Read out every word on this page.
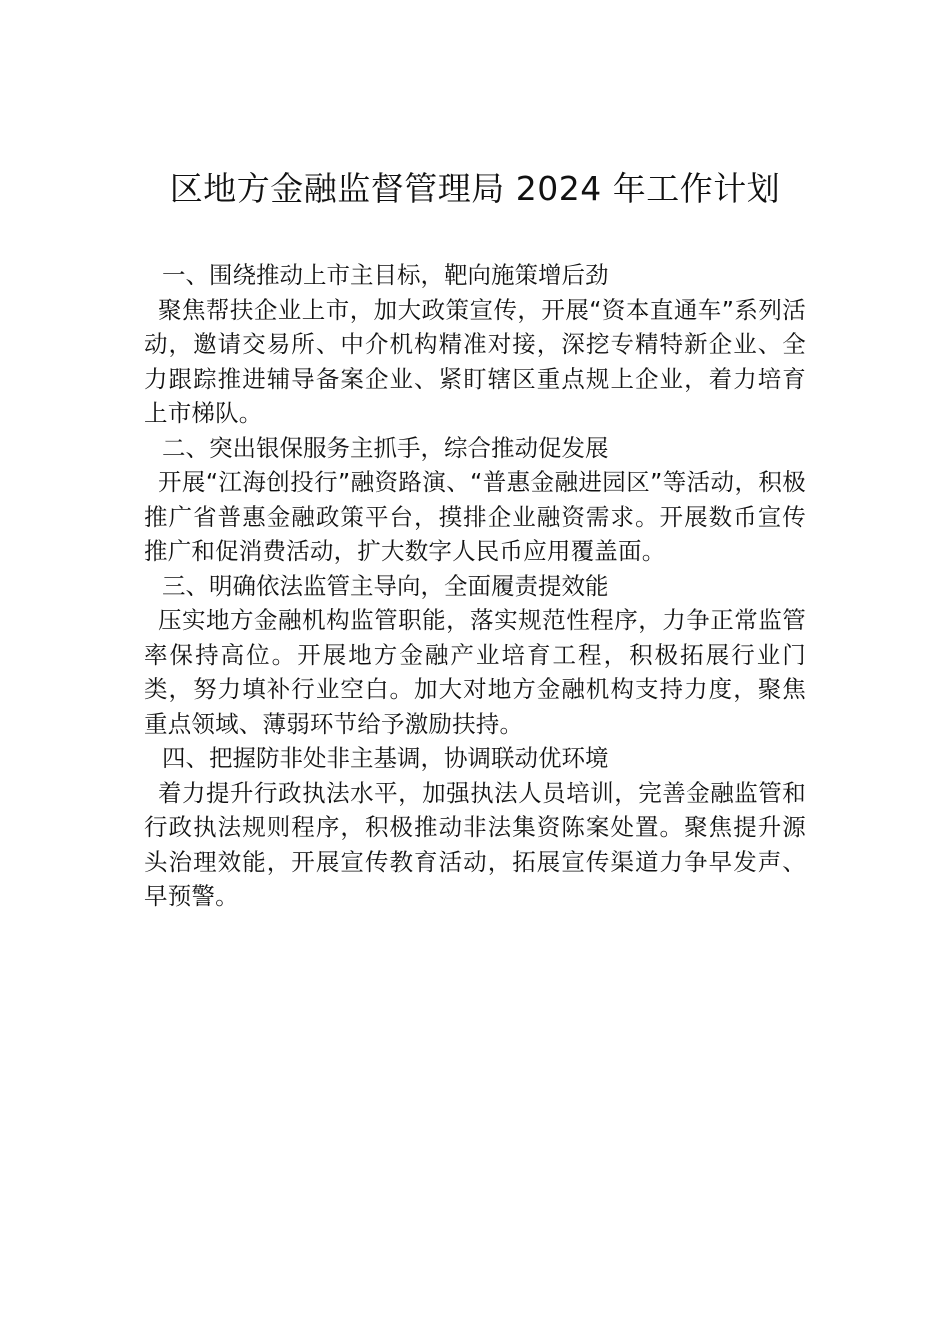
区地方金融监督管理局 2024 年工作计划

一、围绕推动上市主目标，靶向施策增后劲

聚焦帮扶企业上市，加大政策宣传，开展“资本直通车”系列活动，邀请交易所、中介机构精准对接，深挖专精特新企业、全力跟踪推进辅导备案企业、紧盯辖区重点规上企业，着力培育上市梯队。

二、突出银保服务主抓手，综合推动促发展

开展“江海创投行”融资路演、“普惠金融进园区”等活动，积极推广省普惠金融政策平台，摸排企业融资需求。开展数币宣传推广和促消费活动，扩大数字人民币应用覆盖面。

三、明确依法监管主导向，全面履责提效能

压实地方金融机构监管职能，落实规范性程序，力争正常监管率保持高位。开展地方金融产业培育工程，积极拓展行业门类，努力填补行业空白。加大对地方金融机构支持力度，聚焦重点领域、薄弱环节给予激励扶持。

四、把握防非处非主基调，协调联动优环境

着力提升行政执法水平，加强执法人员培训，完善金融监管和行政执法规则程序，积极推动非法集资陈案处置。聚焦提升源头治理效能，开展宣传教育活动，拓展宣传渠道力争早发声、早预警。
